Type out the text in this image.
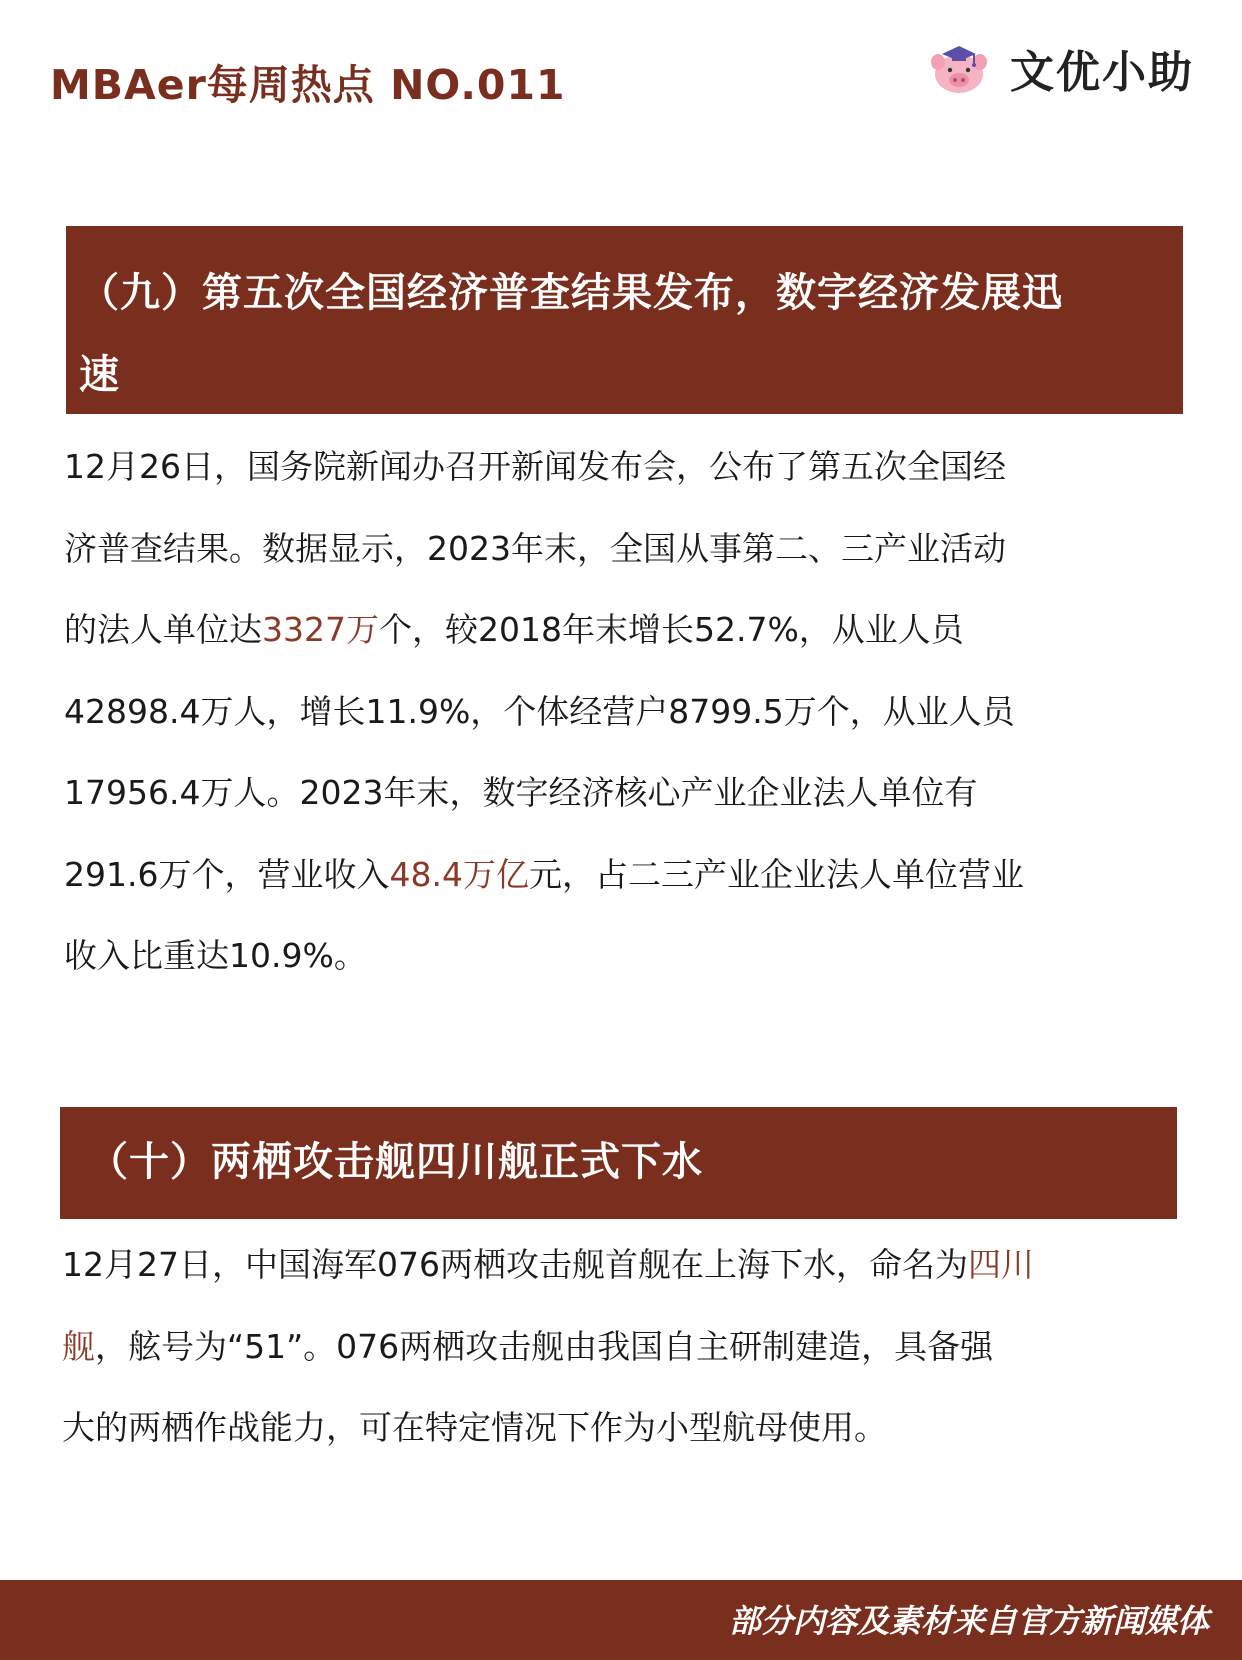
MBAer每周热点 NO.011	文优小助
（九）第五次全国经济普查结果发布，数字经济发展迅
速
12月26日，国务院新闻办召开新闻发布会，公布了第五次全国经
济普查结果。数据显示，2023年末，全国从事第二、三产业活动
的法人单位达3327万个，较2018年末增长52.7%，从业人员
42898.4万人，增长11.9%，个体经营户8799.5万个，从业人员
17956.4万人。2023年末，数字经济核心产业企业法人单位有
291.6万个，营业收入48.4万亿元，占二三产业企业法人单位营业
收入比重达10.9%。
（十）两栖攻击舰四川舰正式下水
12月27日，中国海军076两栖攻击舰首舰在上海下水，命名为四川
舰，舷号为“51”。076两栖攻击舰由我国自主研制建造，具备强
大的两栖作战能力，可在特定情况下作为小型航母使用。
部分内容及素材来自官方新闻媒体
